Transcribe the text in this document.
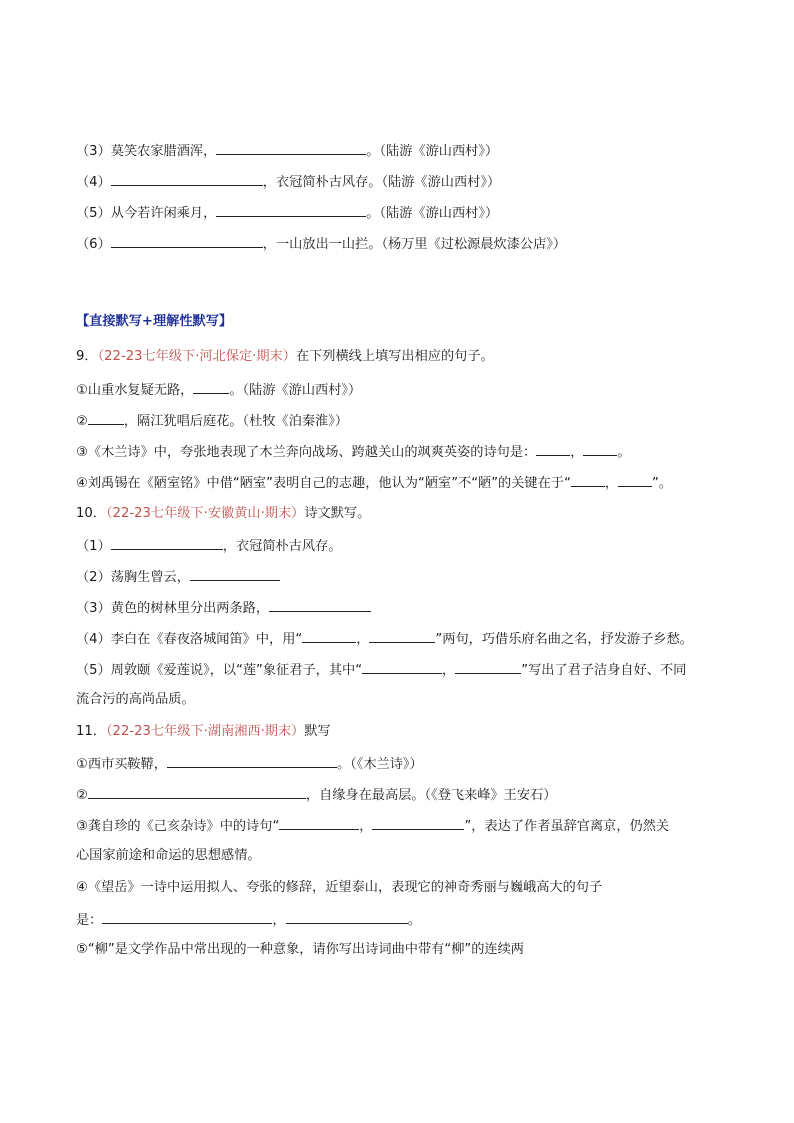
（3）莫笑农家腊酒浑，	。（陆游《游山西村》）
（4）	，衣冠简朴古风存。（陆游《游山西村》）
（5）从今若许闲乘月，	。（陆游《游山西村》）
（6）	，一山放出一山拦。（杨万里《过松源晨炊漆公店》）
【直接默写+理解性默写】
9．（22-23七年级下·河北保定·期末）在下列横线上填写出相应的句子。
①山重水复疑无路，	。（陆游《游山西村》）
②	，隔江犹唱后庭花。（杜牧《泊秦淮》）
③《木兰诗》中，夸张地表现了木兰奔向战场、跨越关山的飒爽英姿的诗句是：	，	。
④刘禹锡在《陋室铭》中借“陋室”表明自己的志趣，他认为“陋室”不“陋”的关键在于“	，	”。
10．（22-23七年级下·安徽黄山·期末）诗文默写。
（1）	，衣冠简朴古风存。
（2）荡胸生曾云，
（3）黄色的树林里分出两条路，
（4）李白在《春夜洛城闻笛》中，用“	，	”两句，巧借乐府名曲之名，抒发游子乡愁。
（5）周敦颐《爱莲说》，以“莲”象征君子，其中“	，	”写出了君子洁身自好、不同
流合污的高尚品质。
11．（22-23七年级下·湖南湘西·期末）默写
①西市买鞍鞯，	。（《木兰诗》）
②	，自缘身在最高层。（《登飞来峰》王安石）
③龚自珍的《己亥杂诗》中的诗句“	，	”，表达了作者虽辞官离京，仍然关
心国家前途和命运的思想感情。
④《望岳》一诗中运用拟人、夸张的修辞，近望泰山，表现它的神奇秀丽与巍峨高大的句子
是：	，	。
⑤“柳”是文学作品中常出现的一种意象，请你写出诗词曲中带有“柳”的连续两
